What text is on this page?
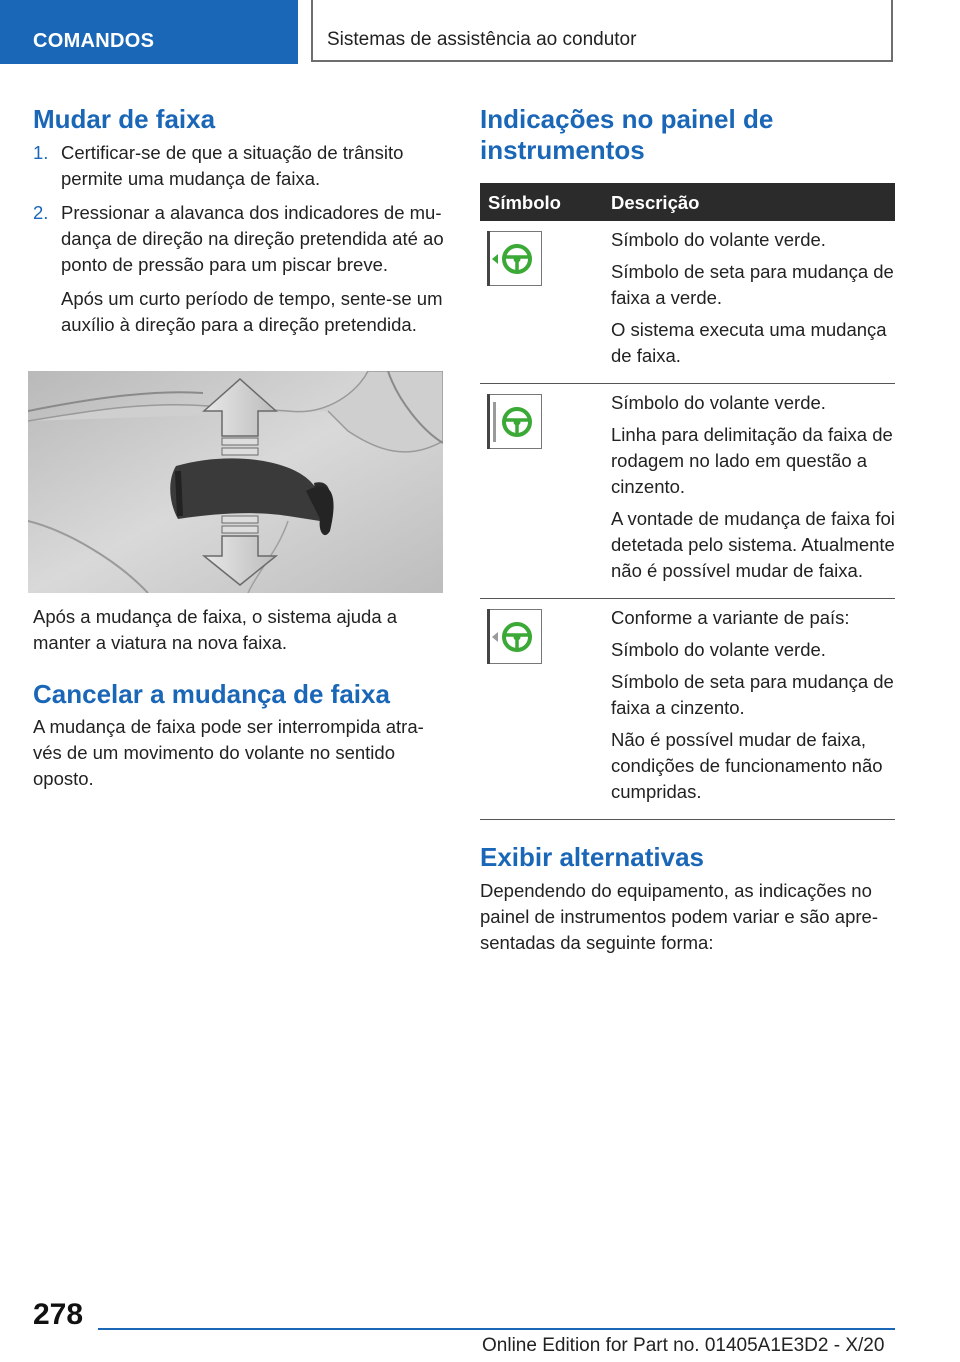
COMANDOS	Sistemas de assistência ao condutor
Mudar de faixa
1. Certificar-se de que a situação de trânsito permite uma mudança de faixa.
2. Pressionar a alavanca dos indicadores de mudança de direção na direção pretendida até ao ponto de pressão para um piscar breve.
Após um curto período de tempo, sente-se um auxílio à direção para a direção pretendida.

Após a mudança de faixa, o sistema ajuda a manter a viatura na nova faixa.

Cancelar a mudança de faixa

A mudança de faixa pode ser interrompida através de um movimento do volante no sentido oposto.

Indicações no painel de instrumentos
Símbolo	Descrição

Símbolo do volante verde.

Símbolo de seta para mudança de faixa a verde.

O sistema executa uma mudança de faixa.

Símbolo do volante verde.

Linha para delimitação da faixa de rodagem no lado em questão a cinzento.

A vontade de mudança de faixa foi detetada pelo sistema. Atualmente não é possível mudar de faixa.

Conforme a variante de país:

Símbolo do volante verde.

Símbolo de seta para mudança de faixa a cinzento.

Não é possível mudar de faixa, condições de funcionamento não cumpridas.

Exibir alternativas

Dependendo do equipamento, as indicações no painel de instrumentos podem variar e são apresentadas da seguinte forma:

278
Online Edition for Part no. 01405A1E3D2 - X/20
